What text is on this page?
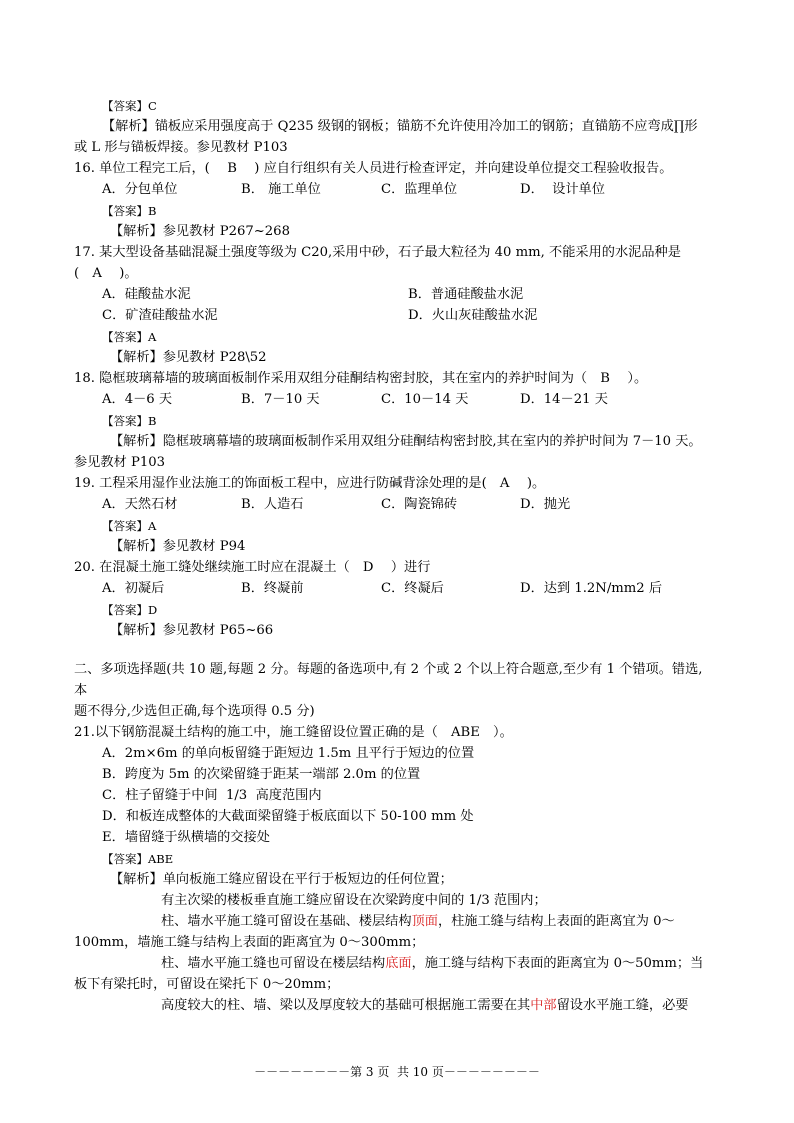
【答案】C
【解析】锚板应采用强度高于 Q235 级钢的钢板；锚筋不允许使用冷加工的钢筋；直锚筋不应弯成∏形
或 L 形与锚板焊接。参见教材 P103
16. 单位工程完工后，(　 B　 ) 应自行组织有关人员进行检查评定，并向建设单位提交工程验收报告。
A．分包单位	B． 施工单位	C．监理单位	D．  设计单位
【答案】B
【解析】参见教材 P267~268
17. 某大型设备基础混凝土强度等级为 C20,采用中砂，石子最大粒径为 40 mm, 不能采用的水泥品种是
(　A　 )。
A．硅酸盐水泥	B．普通硅酸盐水泥
C．矿渣硅酸盐水泥	D．火山灰硅酸盐水泥
【答案】A
【解析】参见教材 P28\52
18. 隐框玻璃幕墙的玻璃面板制作采用双组分硅酮结构密封胶，其在室内的养护时间为（　B　 ）。
A．4－6 天	B．7－10 天	C．10－14 天	D．14－21 天
【答案】B
【解析】隐框玻璃幕墙的玻璃面板制作采用双组分硅酮结构密封胶,其在室内的养护时间为 7－10 天。
参见教材 P103
19. 工程采用湿作业法施工的饰面板工程中，应进行防碱背涂处理的是(　A　 )。
A．天然石材	B．人造石	C．陶瓷锦砖	D．抛光
【答案】A
【解析】参见教材 P94
20. 在混凝土施工缝处继续施工时应在混凝土（　D　 ）进行
A．初凝后	B．终凝前	C．终凝后	D．达到 1.2N/mm2 后
【答案】D
【解析】参见教材 P65~66
二、多项选择题(共 10 题,每题 2 分。每题的备选项中,有 2 个或 2 个以上符合题意,至少有 1 个错项。错选,
本
题不得分,少选但正确,每个选项得 0.5 分)
21.以下钢筋混凝土结构的施工中，施工缝留设位置正确的是（　ABE　）。
A．2m×6m 的单向板留缝于距短边 1.5m 且平行于短边的位置
B．跨度为 5m 的次梁留缝于距某一端部 2.0m 的位置
C．柱子留缝于中间  1/3  高度范围内
D．和板连成整体的大截面梁留缝于板底面以下 50-100 mm 处
E．墙留缝于纵横墙的交接处
【答案】ABE
【解析】单向板施工缝应留设在平行于板短边的任何位置；
有主次梁的楼板垂直施工缝应留设在次梁跨度中间的 1/3 范围内；
柱、墙水平施工缝可留设在基础、楼层结构顶面，柱施工缝与结构上表面的距离宜为 0～
100mm，墙施工缝与结构上表面的距离宜为 0～300mm；
柱、墙水平施工缝也可留设在楼层结构底面，施工缝与结构下表面的距离宜为 0～50mm；当
板下有梁托时，可留设在梁托下 0～20mm；
高度较大的柱、墙、梁以及厚度较大的基础可根据施工需要在其中部留设水平施工缝，必要
－－－－－－－－第 3 页  共 10 页－－－－－－－－
